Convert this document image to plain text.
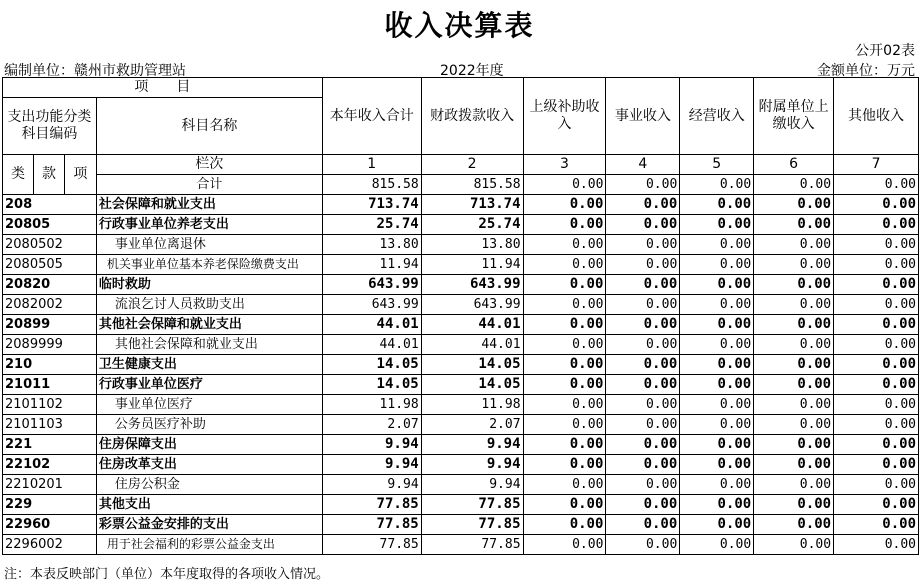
收入决算表
公开02表
编制单位：赣州市救助管理站	2022年度	金额单位：万元
项　　目				本年收入合计	财政拨款收入	上级补助收入	事业收入	经营收入	附属单位上缴收入	其他收入
支出功能分类科目编码			科目名称							

类	款	项	栏次	1	2	3	4	5	6	7
			合计	815.58	815.58	0.00	0.00	0.00	0.00	0.00
208			社会保障和就业支出	713.74	713.74	0.00	0.00	0.00	0.00	0.00
20805			行政事业单位养老支出	25.74	25.74	0.00	0.00	0.00	0.00	0.00
2080502			事业单位离退休	13.80	13.80	0.00	0.00	0.00	0.00	0.00
2080505			机关事业单位基本养老保险缴费支出	11.94	11.94	0.00	0.00	0.00	0.00	0.00
20820			临时救助	643.99	643.99	0.00	0.00	0.00	0.00	0.00
2082002			流浪乞讨人员救助支出	643.99	643.99	0.00	0.00	0.00	0.00	0.00
20899			其他社会保障和就业支出	44.01	44.01	0.00	0.00	0.00	0.00	0.00
2089999			其他社会保障和就业支出	44.01	44.01	0.00	0.00	0.00	0.00	0.00
210			卫生健康支出	14.05	14.05	0.00	0.00	0.00	0.00	0.00
21011			行政事业单位医疗	14.05	14.05	0.00	0.00	0.00	0.00	0.00
2101102			事业单位医疗	11.98	11.98	0.00	0.00	0.00	0.00	0.00
2101103			公务员医疗补助	2.07	2.07	0.00	0.00	0.00	0.00	0.00
221			住房保障支出	9.94	9.94	0.00	0.00	0.00	0.00	0.00
22102			住房改革支出	9.94	9.94	0.00	0.00	0.00	0.00	0.00
2210201			住房公积金	9.94	9.94	0.00	0.00	0.00	0.00	0.00
229			其他支出	77.85	77.85	0.00	0.00	0.00	0.00	0.00
22960			彩票公益金安排的支出	77.85	77.85	0.00	0.00	0.00	0.00	0.00
2296002			用于社会福利的彩票公益金支出	77.85	77.85	0.00	0.00	0.00	0.00	0.00
注：本表反映部门（单位）本年度取得的各项收入情况。
